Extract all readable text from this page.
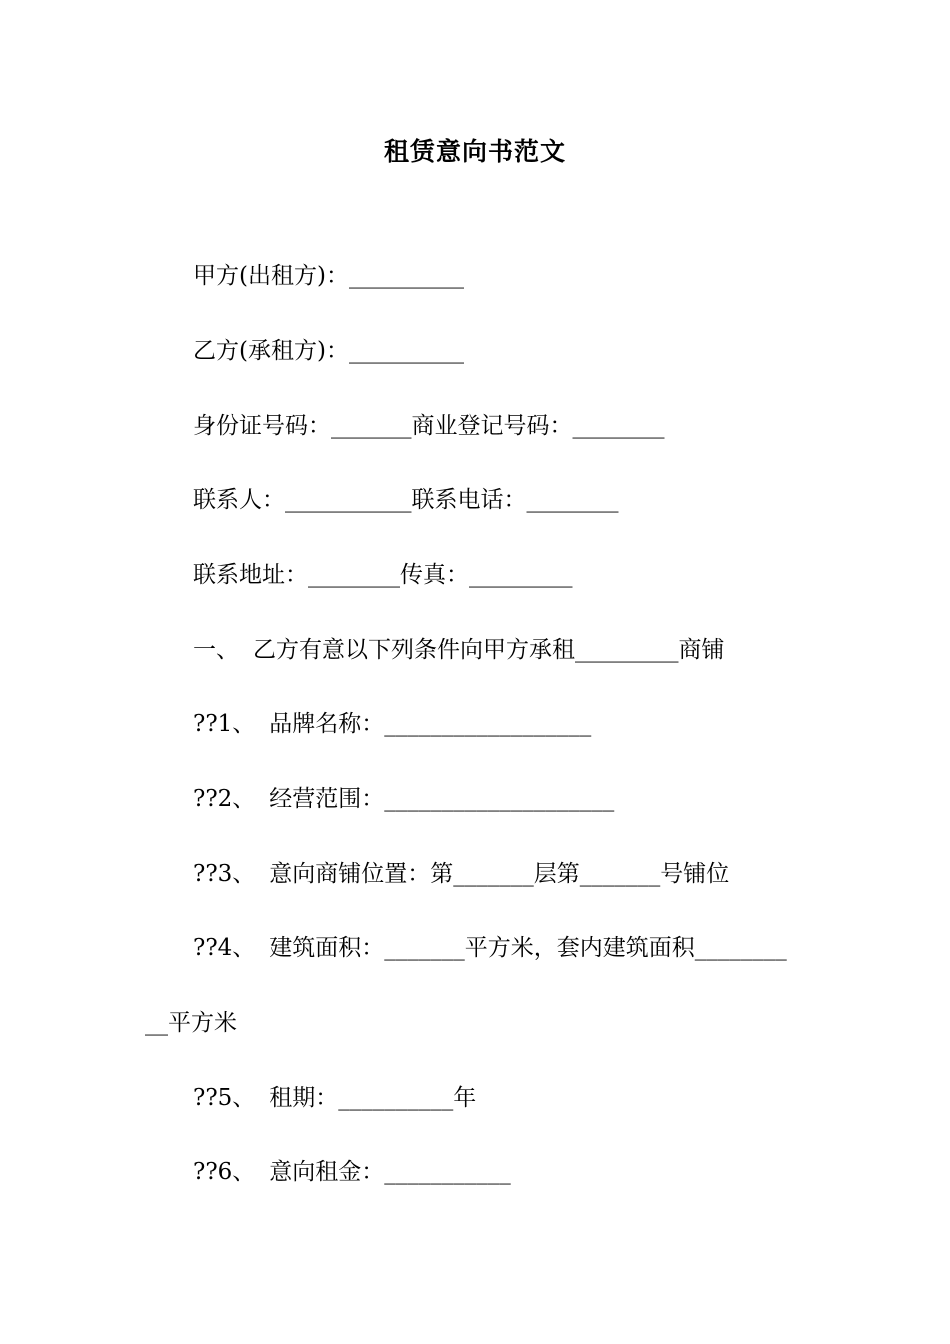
租赁意向书范文
甲方(出租方)：__________
乙方(承租方)：__________
身份证号码：_______商业登记号码：________
联系人：___________联系电话：________
联系地址：________传真：_________
一、 乙方有意以下列条件向甲方承租_________商铺
??1、 品牌名称：__________________
??2、 经营范围：____________________
??3、 意向商铺位置：第_______层第_______号铺位
??4、 建筑面积：_______平方米，套内建筑面积________
__平方米
??5、 租期：__________年
??6、 意向租金：___________
